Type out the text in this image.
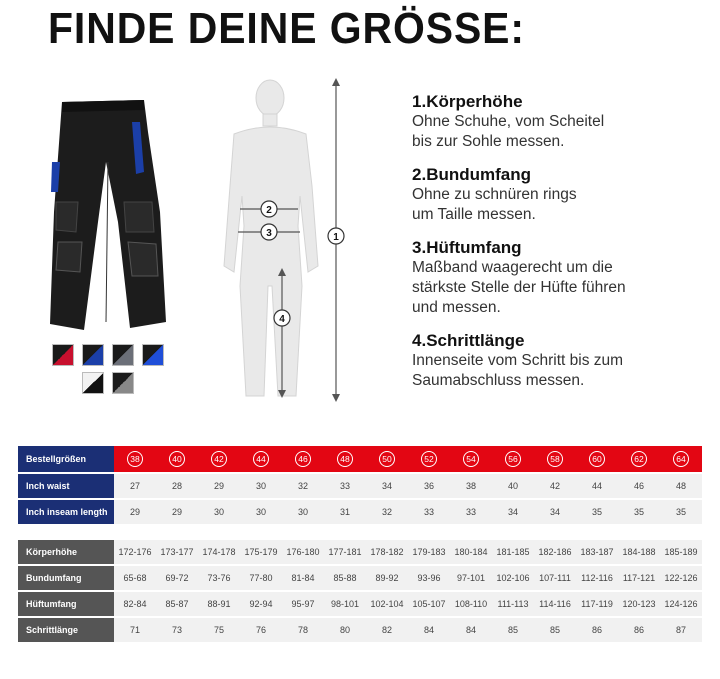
FINDE DEINE GRÖSSE:
1
2
3
4
1.Körperhöhe
Ohne Schuhe, vom Scheitel bis zur Sohle messen.
2.Bundumfang
Ohne zu schnüren rings um Taille messen.
3.Hüftumfang
Maßband waagerecht um die stärkste Stelle der Hüfte führen und messen.
4.Schrittlänge
Innenseite vom Schritt bis zum Saumabschluss messen.
Bestellgrößen	38	40	42	44	46	48	50	52	54	56	58	60	62	64
Inch waist	27	28	29	30	32	33	34	36	38	40	42	44	46	48
Inch inseam length	29	29	30	30	30	31	32	33	33	34	34	35	35	35

Körperhöhe	172-176	173-177	174-178	175-179	176-180	177-181	178-182	179-183	180-184	181-185	182-186	183-187	184-188	185-189
Bundumfang	65-68	69-72	73-76	77-80	81-84	85-88	89-92	93-96	97-101	102-106	107-111	112-116	117-121	122-126
Hüftumfang	82-84	85-87	88-91	92-94	95-97	98-101	102-104	105-107	108-110	111-113	114-116	117-119	120-123	124-126
Schrittlänge	71	73	75	76	78	80	82	84	84	85	85	86	86	87
